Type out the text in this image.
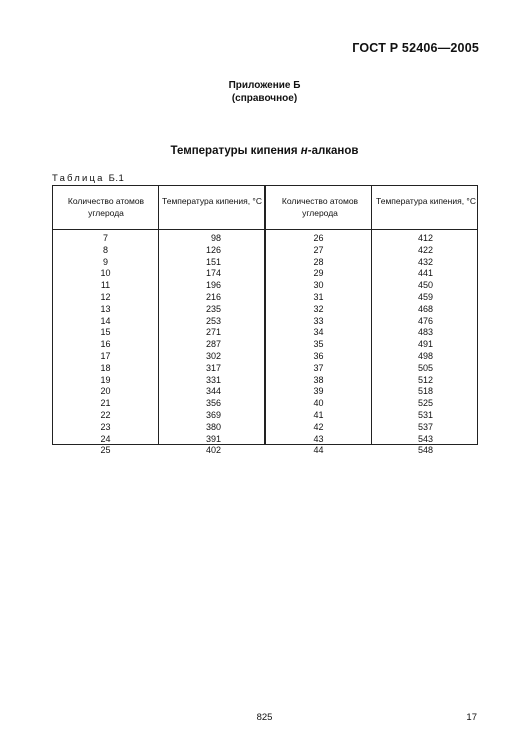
ГОСТ Р 52406—2005
Приложение Б
(справочное)
Температуры кипения н-алканов
Таблица Б.1
Количество атомов углерода
Температура кипения, °С	Количество атомов углерода
Температура кипения, °С
7
8
9
10
11
12
13
14
15
16
17
18
19
20
21
22
23
24
25
98
126
151
174
196
216
235
253
271
287
302
317
331
344
356
369
380
391
402
26
27
28
29
30
31
32
33
34
35
36
37
38
39
40
41
42
43
44
412
422
432
441
450
459
468
476
483
491
498
505
512
518
525
531
537
543
548
825	17
